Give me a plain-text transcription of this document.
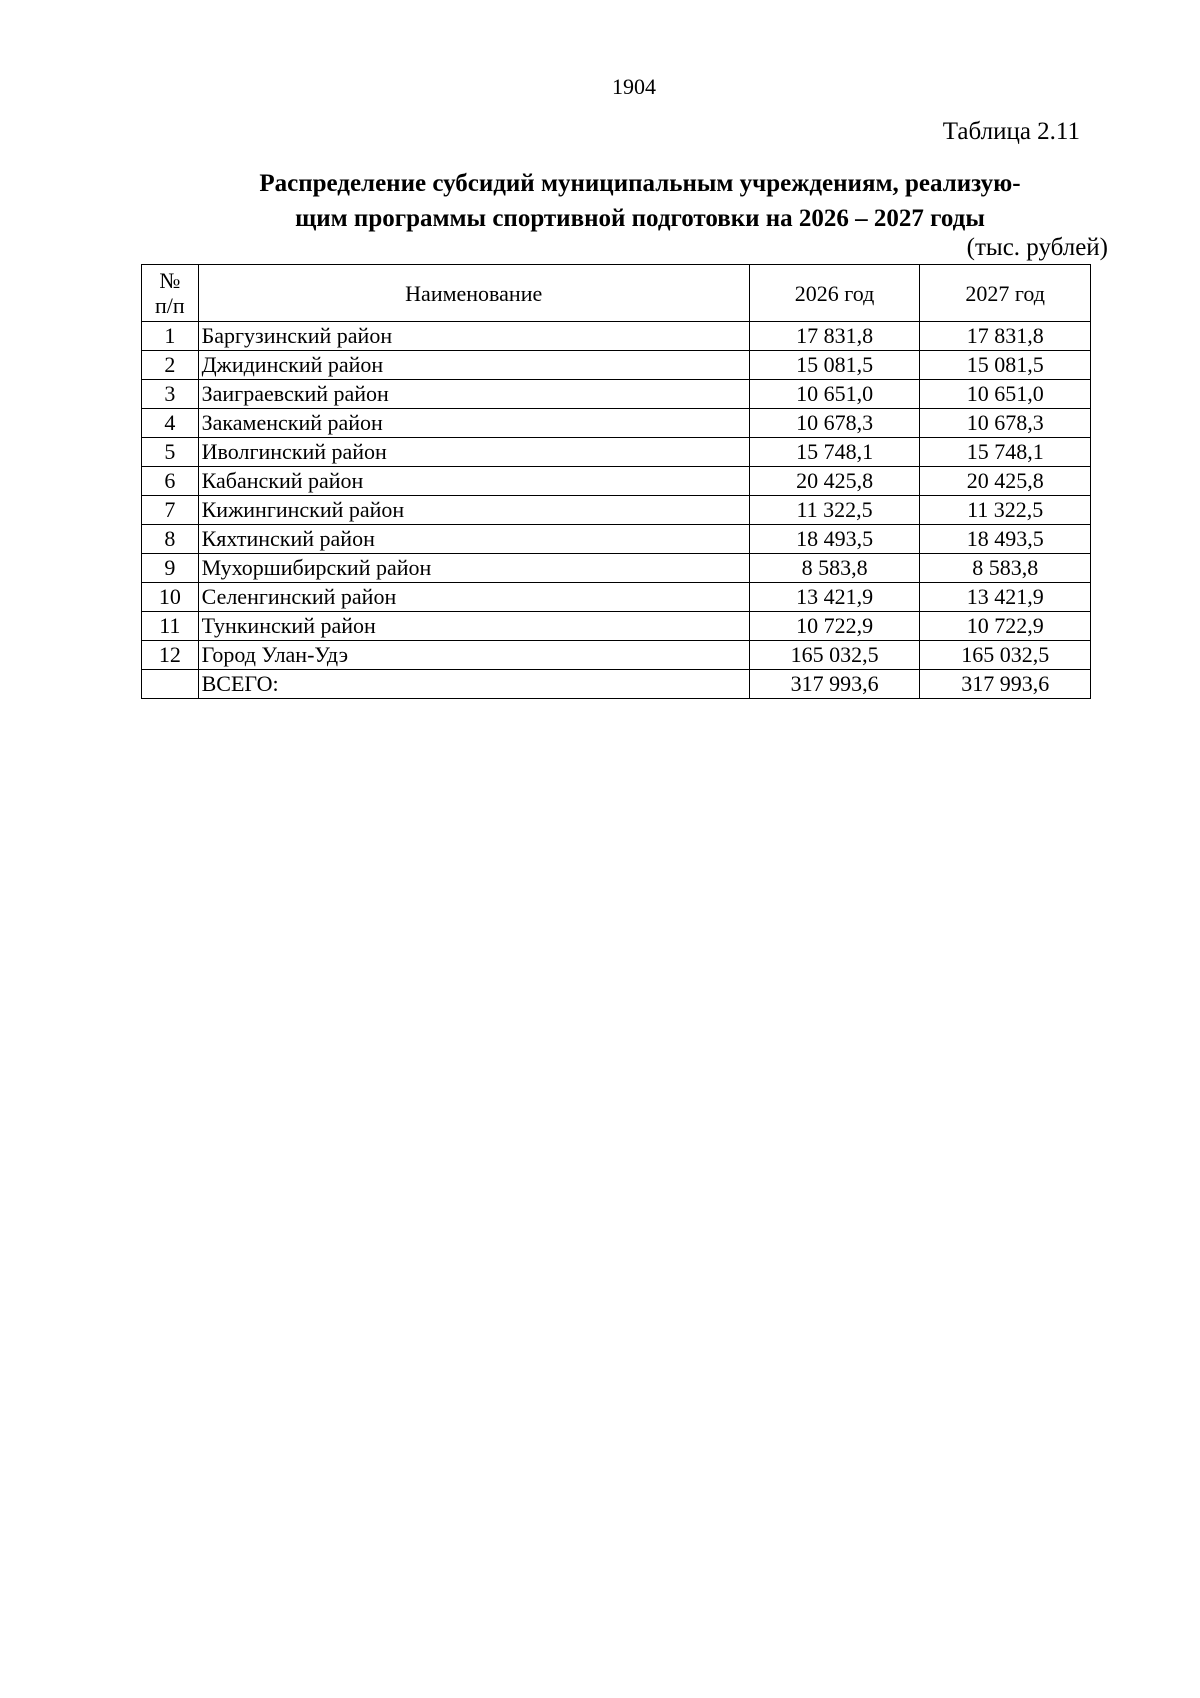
1904
Таблица 2.11
Распределение субсидий муниципальным учреждениям, реализую-
щим программы спортивной подготовки на 2026 – 2027 годы
(тыс. рублей)
№
п/п	Наименование	2026 год	2027 год
1	Баргузинский район	17 831,8	17 831,8
2	Джидинский район	15 081,5	15 081,5
3	Заиграевский район	10 651,0	10 651,0
4	Закаменский район	10 678,3	10 678,3
5	Иволгинский район	15 748,1	15 748,1
6	Кабанский район	20 425,8	20 425,8
7	Кижингинский район	11 322,5	11 322,5
8	Кяхтинский район	18 493,5	18 493,5
9	Мухоршибирский район	8 583,8	8 583,8
10	Селенгинский район	13 421,9	13 421,9
11	Тункинский район	10 722,9	10 722,9
12	Город Улан-Удэ	165 032,5	165 032,5
	ВСЕГО:	317 993,6	317 993,6
